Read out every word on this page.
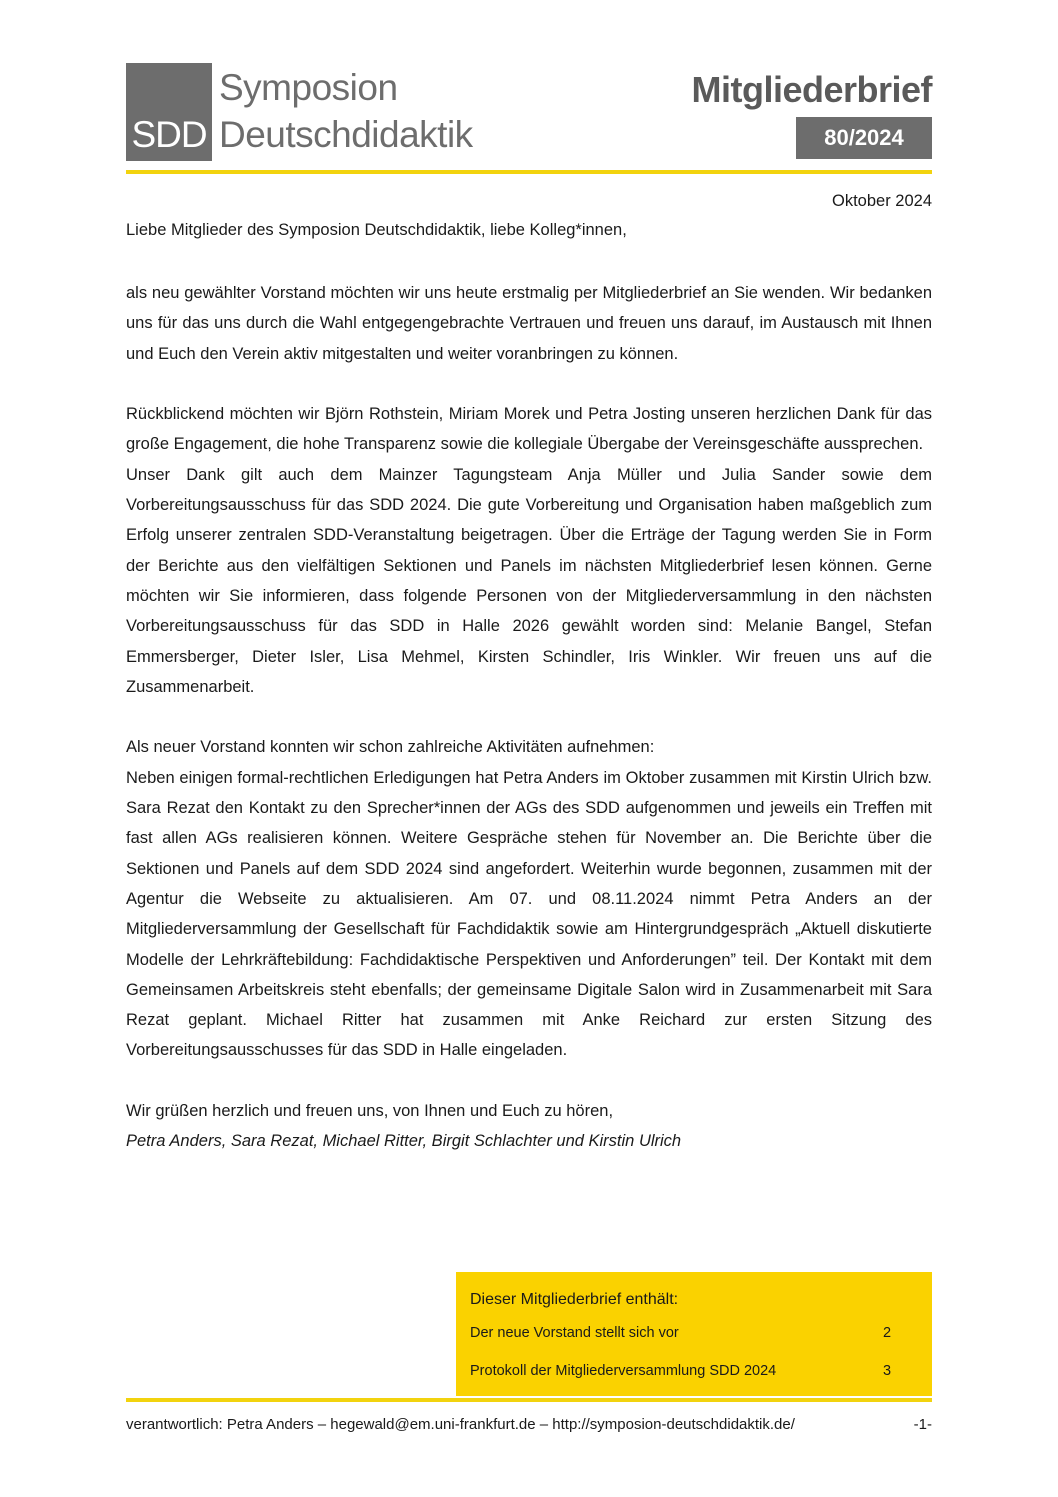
SDD
Symposion
Deutschdidaktik
Mitgliederbrief
80/2024
Oktober 2024
Liebe Mitglieder des Symposion Deutschdidaktik, liebe Kolleg*innen,

als neu gewählter Vorstand möchten wir uns heute erstmalig per Mitgliederbrief an Sie wenden. Wir bedanken uns für das uns durch die Wahl entgegengebrachte Vertrauen und freuen uns darauf, im Austausch mit Ihnen und Euch den Verein aktiv mitgestalten und weiter voranbringen zu können.

Rückblickend möchten wir Björn Rothstein, Miriam Morek und Petra Josting unseren herzlichen Dank für das große Engagement, die hohe Transparenz sowie die kollegiale Übergabe der Vereinsgeschäfte aussprechen.

Unser Dank gilt auch dem Mainzer Tagungsteam Anja Müller und Julia Sander sowie dem Vorbereitungsausschuss für das SDD 2024. Die gute Vorbereitung und Organisation haben maßgeblich zum Erfolg unserer zentralen SDD-Veranstaltung beigetragen. Über die Erträge der Tagung werden Sie in Form der Berichte aus den vielfältigen Sektionen und Panels im nächsten Mitgliederbrief lesen können. Gerne möchten wir Sie informieren, dass folgende Personen von der Mitgliederversammlung in den nächsten Vorbereitungsausschuss für das SDD in Halle 2026 gewählt worden sind: Melanie Bangel, Stefan Emmersberger, Dieter Isler, Lisa Mehmel, Kirsten Schindler, Iris Winkler. Wir freuen uns auf die Zusammenarbeit.

Als neuer Vorstand konnten wir schon zahlreiche Aktivitäten aufnehmen:

Neben einigen formal-rechtlichen Erledigungen hat Petra Anders im Oktober zusammen mit Kirstin Ulrich bzw. Sara Rezat den Kontakt zu den Sprecher*innen der AGs des SDD aufgenommen und jeweils ein Treffen mit fast allen AGs realisieren können. Weitere Gespräche stehen für November an. Die Berichte über die Sektionen und Panels auf dem SDD 2024 sind angefordert. Weiterhin wurde begonnen, zusammen mit der Agentur die Webseite zu aktualisieren. Am 07. und 08.11.2024 nimmt Petra Anders an der Mitgliederversammlung der Gesellschaft für Fachdidaktik sowie am Hintergrundgespräch „Aktuell diskutierte Modelle der Lehrkräftebildung: Fachdidaktische Perspektiven und Anforderungen” teil. Der Kontakt mit dem Gemeinsamen Arbeitskreis steht ebenfalls; der gemeinsame Digitale Salon wird in Zusammenarbeit mit Sara Rezat geplant. Michael Ritter hat zusammen mit Anke Reichard zur ersten Sitzung des Vorbereitungsausschusses für das SDD in Halle eingeladen.

Wir grüßen herzlich und freuen uns, von Ihnen und Euch zu hören,

Petra Anders, Sara Rezat, Michael Ritter, Birgit Schlachter und Kirstin Ulrich

Dieser Mitgliederbrief enthält:
Der neue Vorstand stellt sich vor	2
Protokoll der Mitgliederversammlung SDD 2024	3
verantwortlich: Petra Anders – hegewald@em.uni-frankfurt.de – http://symposion-deutschdidaktik.de/	-1-
